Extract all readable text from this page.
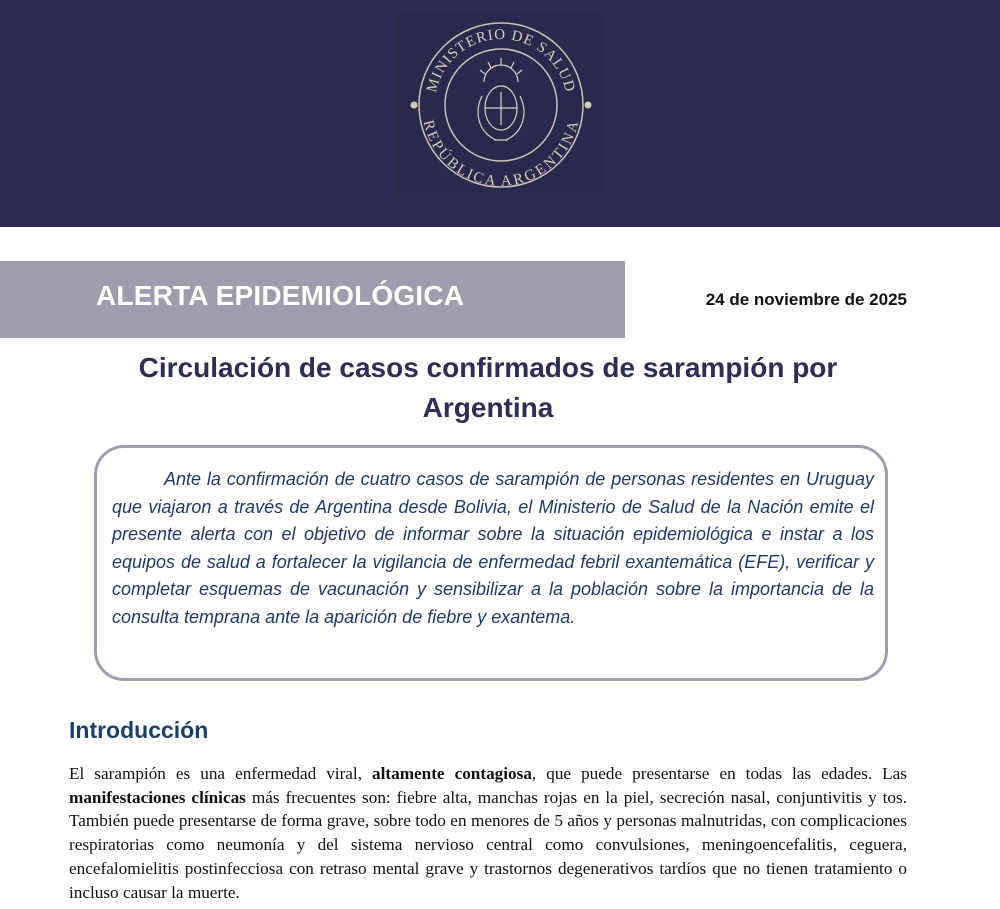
MINISTERIO DE SALUD
REPÚBLICA ARGENTINA
ALERTA EPIDEMIOLÓGICA	24 de noviembre de 2025
Circulación de casos confirmados de sarampión por
Argentina

Ante la confirmación de cuatro casos de sarampión de personas residentes en Uruguay que viajaron a través de Argentina desde Bolivia, el Ministerio de Salud de la Nación emite el presente alerta con el objetivo de informar sobre la situación epidemiológica e instar a los equipos de salud a fortalecer la vigilancia de enfermedad febril exantemática (EFE), verificar y completar esquemas de vacunación y sensibilizar a la población sobre la importancia de la consulta temprana ante la aparición de fiebre y exantema.

Introducción

El sarampión es una enfermedad viral, altamente contagiosa, que puede presentarse en todas las edades. Las manifestaciones clínicas más frecuentes son: fiebre alta, manchas rojas en la piel, secreción nasal, conjuntivitis y tos. También puede presentarse de forma grave, sobre todo en menores de 5 años y personas malnutridas, con complicaciones respiratorias como neumonía y del sistema nervioso central como convulsiones, meningoencefalitis, ceguera, encefalomielitis postinfecciosa con retraso mental grave y trastornos degenerativos tardíos que no tienen tratamiento o incluso causar la muerte.
